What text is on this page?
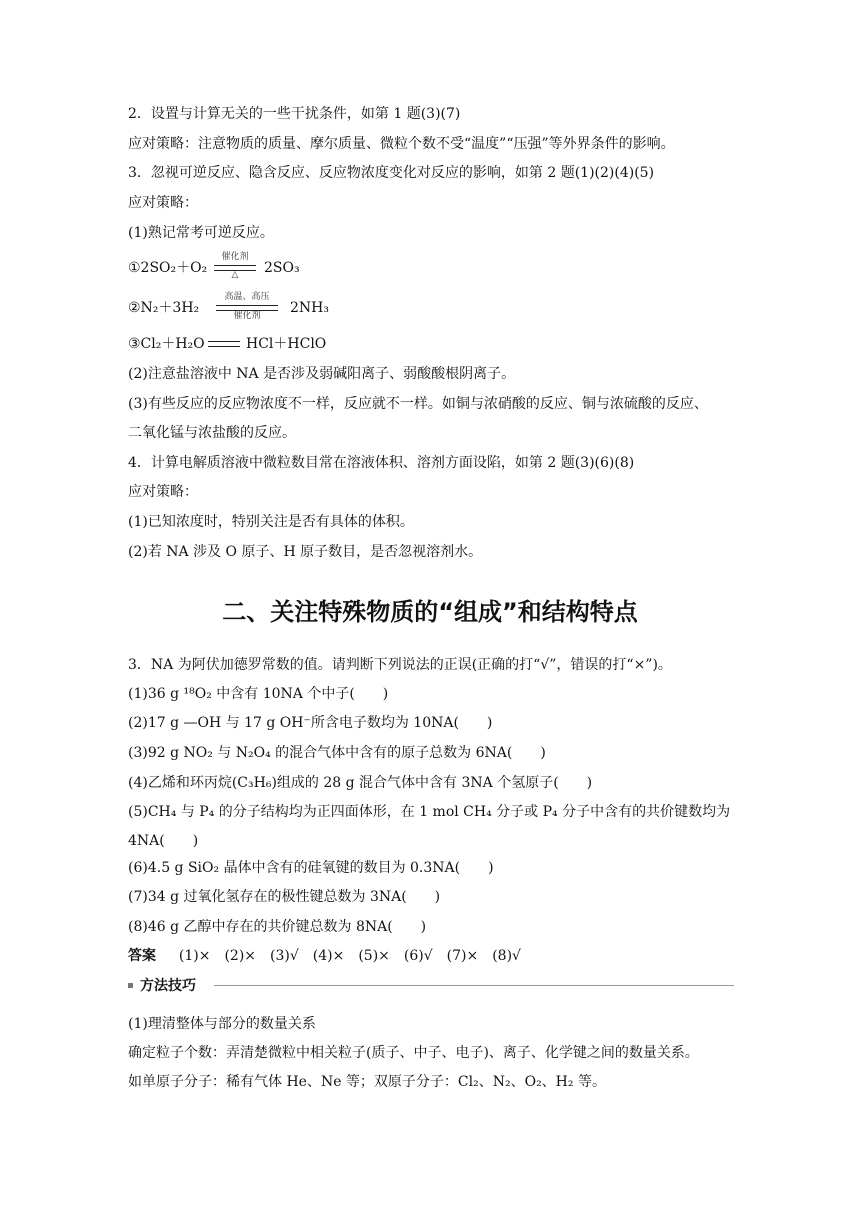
2．设置与计算无关的一些干扰条件，如第 1 题(3)(7)
应对策略：注意物质的质量、摩尔质量、微粒个数不受“温度”“压强”等外界条件的影响。
3．忽视可逆反应、隐含反应、反应物浓度变化对反应的影响，如第 2 题(1)(2)(4)(5)
应对策略：
(1)熟记常考可逆反应。
①2SO₂＋O₂
催化剂
△	2SO₃
②N₂＋3H₂
高温、高压
催化剂	2NH₃
③Cl₂＋H₂O	HCl＋HClO
(2)注意盐溶液中 NA 是否涉及弱碱阳离子、弱酸酸根阴离子。
(3)有些反应的反应物浓度不一样，反应就不一样。如铜与浓硝酸的反应、铜与浓硫酸的反应、
二氧化锰与浓盐酸的反应。
4．计算电解质溶液中微粒数目常在溶液体积、溶剂方面设陷，如第 2 题(3)(6)(8)
应对策略：
(1)已知浓度时，特别关注是否有具体的体积。
(2)若 NA 涉及 O 原子、H 原子数目，是否忽视溶剂水。
二、关注特殊物质的“组成”和结构特点
3．NA 为阿伏加德罗常数的值。请判断下列说法的正误(正确的打“√”，错误的打“×”)。
(1)36 g ¹⁸O₂ 中含有 10NA 个中子(　　)
(2)17 g —OH 与 17 g OH⁻所含电子数均为 10NA(　　)
(3)92 g NO₂ 与 N₂O₄ 的混合气体中含有的原子总数为 6NA(　　)
(4)乙烯和环丙烷(C₃H₆)组成的 28 g 混合气体中含有 3NA 个氢原子(　　)
(5)CH₄ 与 P₄ 的分子结构均为正四面体形，在 1 mol CH₄ 分子或 P₄ 分子中含有的共价键数均为
4NA(　　)
(6)4.5 g SiO₂ 晶体中含有的硅氧键的数目为 0.3NA(　　)
(7)34 g 过氧化氢存在的极性键总数为 3NA(　　)
(8)46 g 乙醇中存在的共价键总数为 8NA(　　)
答案 (1)×　(2)×　(3)√　(4)×　(5)×　(6)√　(7)×　(8)√
方法技巧
(1)理清整体与部分的数量关系
确定粒子个数：弄清楚微粒中相关粒子(质子、中子、电子)、离子、化学键之间的数量关系。
如单原子分子：稀有气体 He、Ne 等；双原子分子：Cl₂、N₂、O₂、H₂ 等。
